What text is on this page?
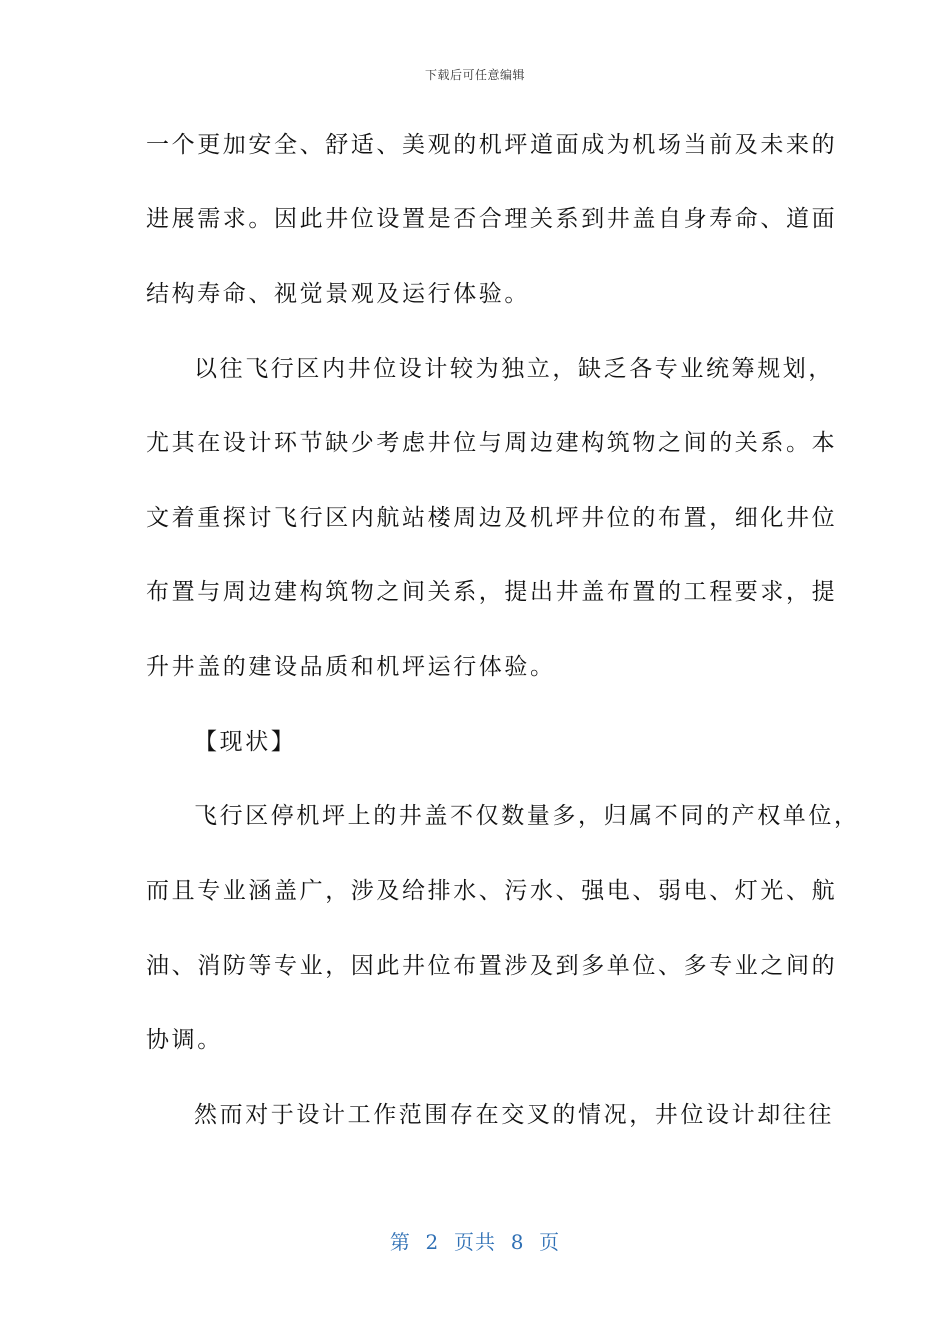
下载后可任意编辑
一个更加安全、舒适、美观的机坪道面成为机场当前及未来的
进展需求。因此井位设置是否合理关系到井盖自身寿命、道面
结构寿命、视觉景观及运行体验。
以往飞行区内井位设计较为独立，缺乏各专业统筹规划，
尤其在设计环节缺少考虑井位与周边建构筑物之间的关系。本
文着重探讨飞行区内航站楼周边及机坪井位的布置，细化井位
布置与周边建构筑物之间关系，提出井盖布置的工程要求，提
升井盖的建设品质和机坪运行体验。
【现状】
飞行区停机坪上的井盖不仅数量多，归属不同的产权单位，
而且专业涵盖广，涉及给排水、污水、强电、弱电、灯光、航
油、消防等专业，因此井位布置涉及到多单位、多专业之间的
协调。
然而对于设计工作范围存在交叉的情况，井位设计却往往
第  2  页共  8  页
